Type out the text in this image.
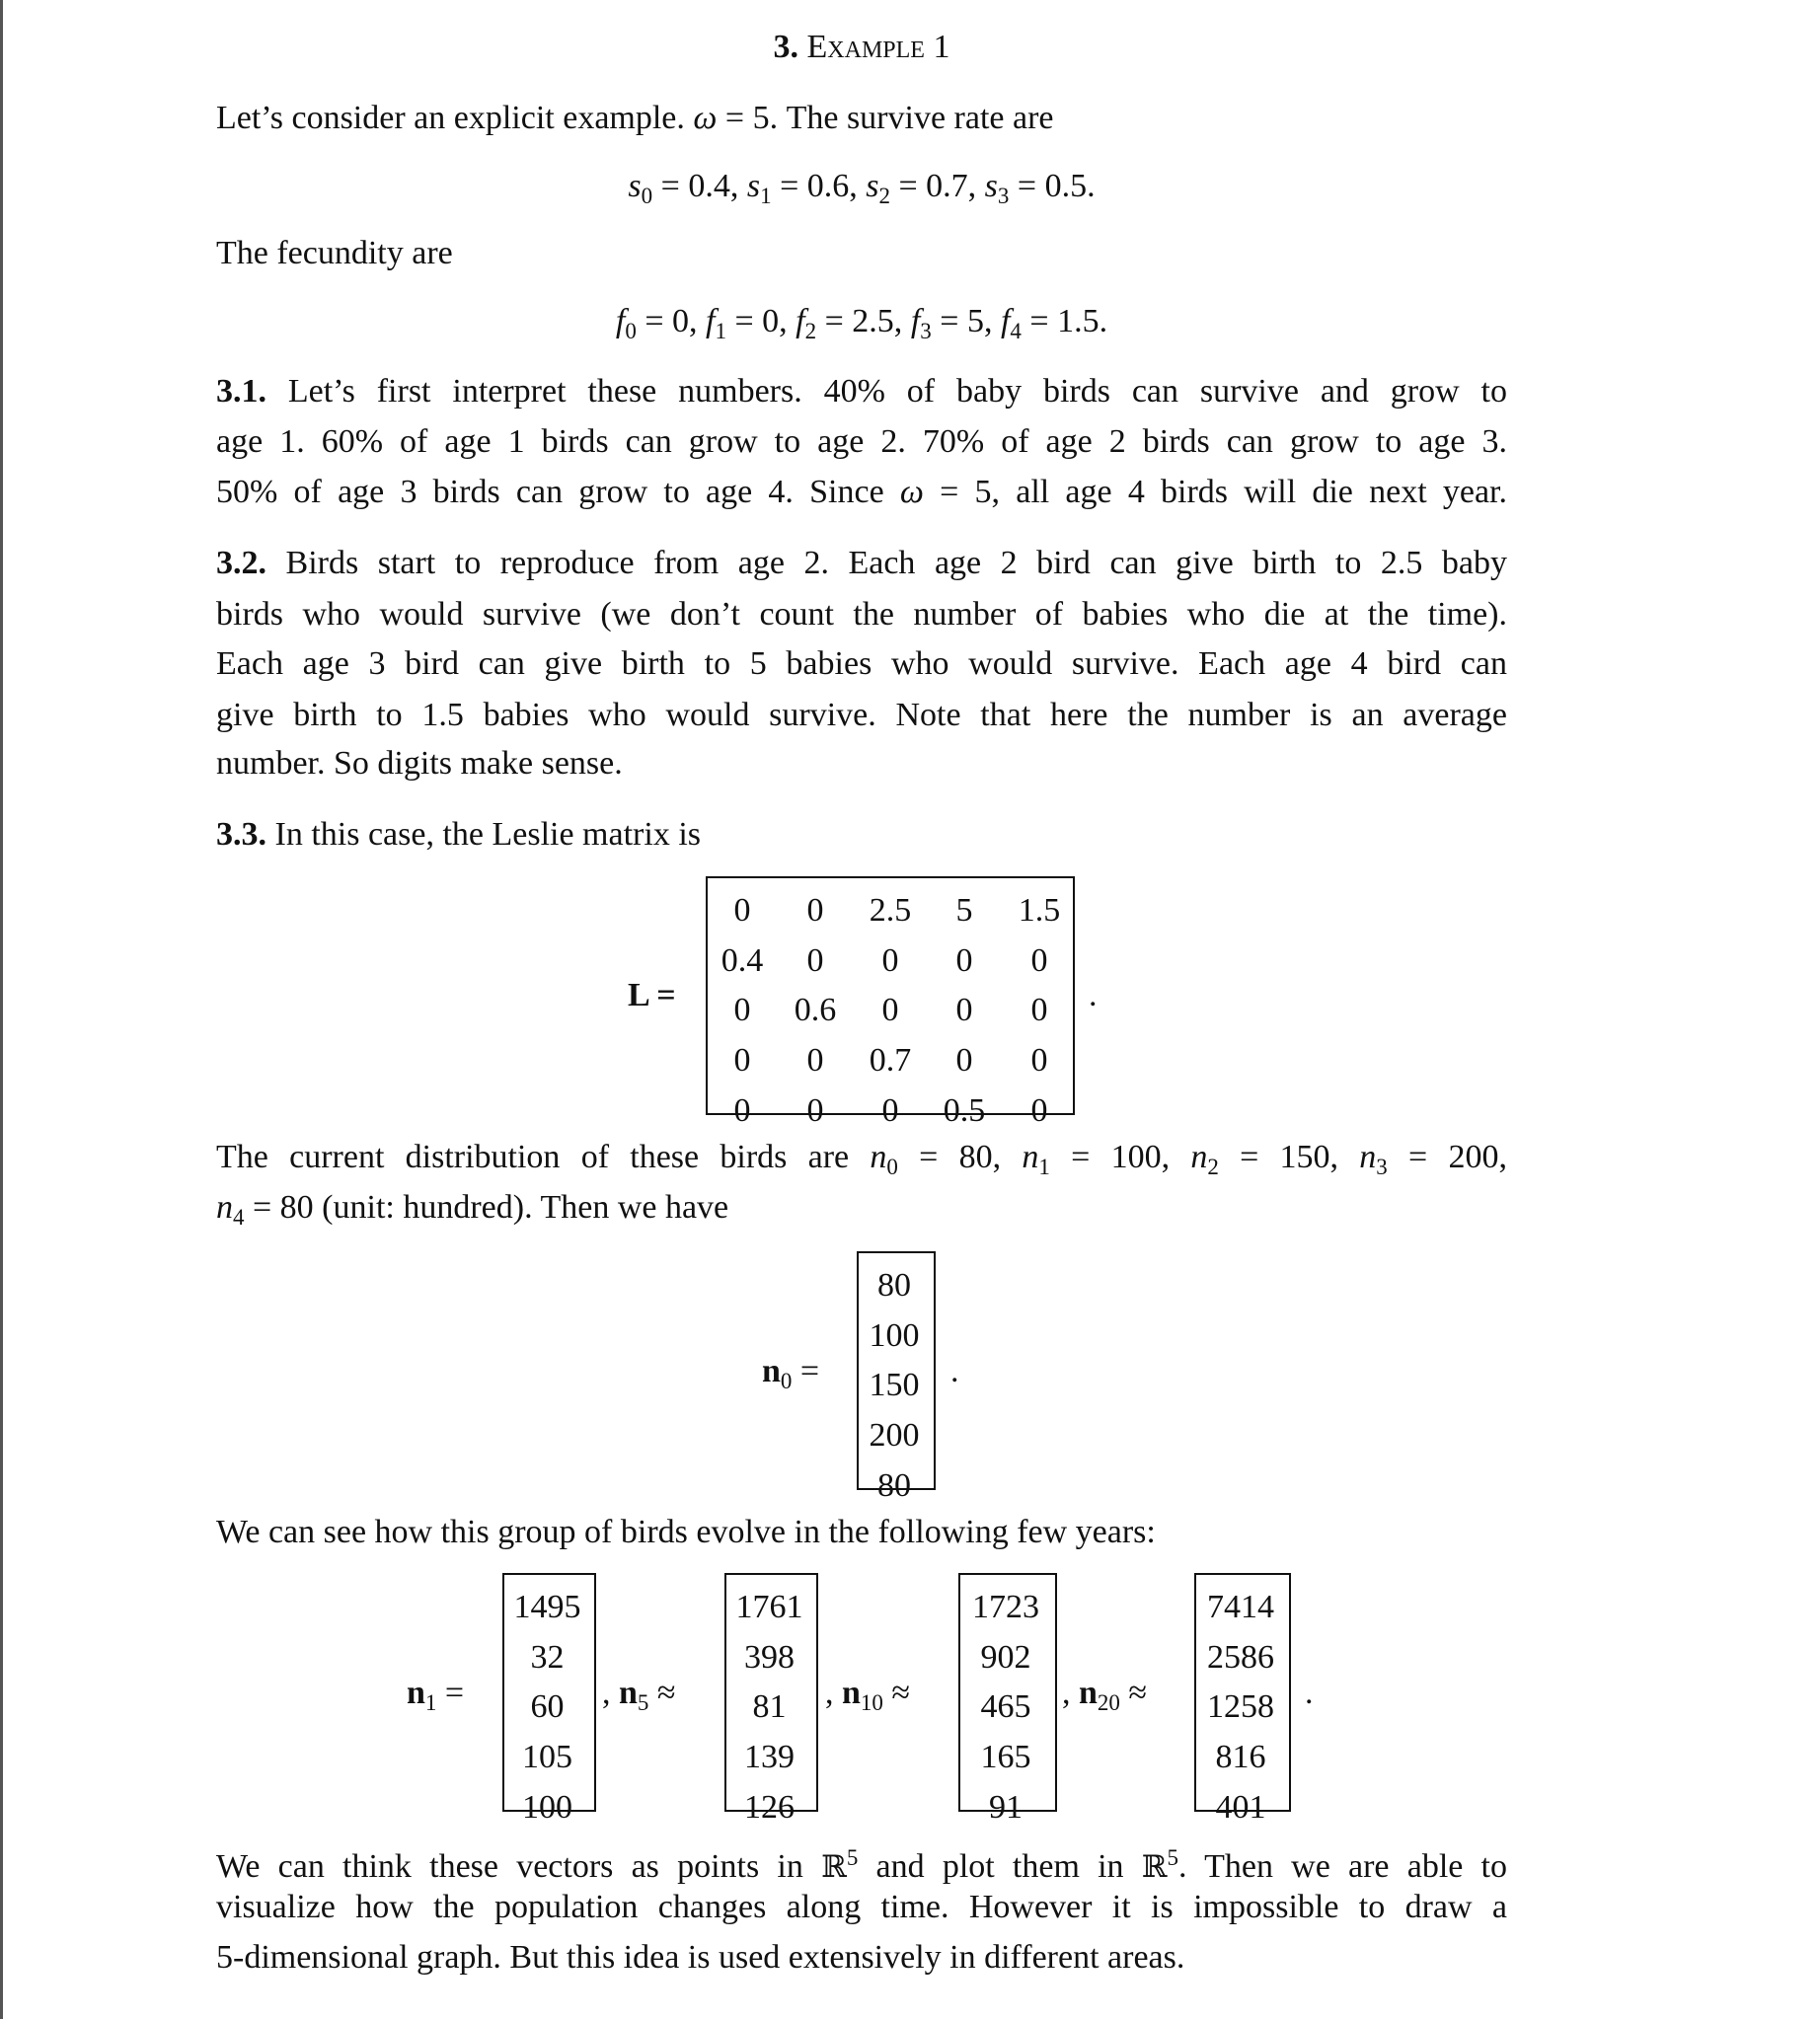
3. Example 1
Let’s consider an explicit example. ω = 5. The survive rate are
$s_0 = 0.4$, $s_1 = 0.6$, $s_2 = 0.7$, $s_3 = 0.5$.
The fecundity are
$f_0 = 0$, $f_1 = 0$, $f_2 = 2.5$, $f_3 = 5$, $f_4 = 1.5$.
3.1. Let’s first interpret these numbers. 40% of baby birds can survive and grow to
age 1. 60% of age 1 birds can grow to age 2. 70% of age 2 birds can grow to age 3.
50% of age 3 birds can grow to age 4. Since ω = 5, all age 4 birds will die next year.
3.2. Birds start to reproduce from age 2. Each age 2 bird can give birth to 2.5 baby
birds who would survive (we don’t count the number of babies who die at the time).
Each age 3 bird can give birth to 5 babies who would survive. Each age 4 bird can
give birth to 1.5 babies who would survive. Note that here the number is an average
number. So digits make sense.
3.3. In this case, the Leslie matrix is
The current distribution of these birds are $n_0 = 80$, $n_1 = 100$, $n_2 = 150$, $n_3 = 200$,
$n_4 = 80$ (unit: hundred). Then we have
We can see how this group of birds evolve in the following few years:
We can think these vectors as points in ℝ$^5$ and plot them in ℝ$^5$. Then we are able to
visualize how the population changes along time. However it is impossible to draw a
5-dimensional graph. But this idea is used extensively in different areas.
L =
0	0	2.5	5	1.5
0.4	0	0	0	0
0	0.6	0	0	0
0	0	0.7	0	0
0	0	0	0.5	0
.
$n_0$ =
80
100
150
200
80
.
$n_1$ =
1495
32
60
105
100
, $n_5$ ≈
1761
398
81
139
126
, $n_{10}$ ≈
1723
902
465
165
91
, $n_{20}$ ≈
7414
2586
1258
816
401
.
